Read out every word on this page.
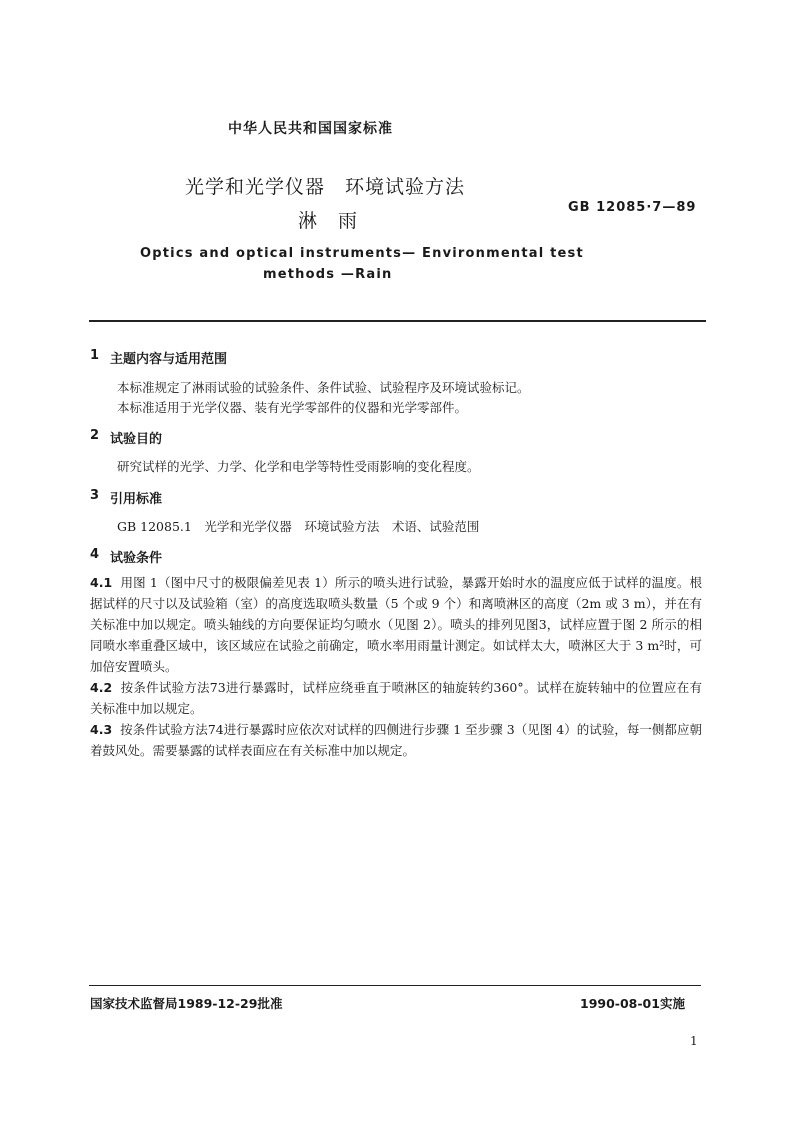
中华人民共和国国家标准
光学和光学仪器　环境试验方法
淋　雨
GB 12085·7—89
Optics and optical instruments— Environmental test
methods —Rain
1 主题内容与适用范围
本标准规定了淋雨试验的试验条件、条件试验、试验程序及环境试验标记。
本标准适用于光学仪器、装有光学零部件的仪器和光学零部件。
2 试验目的
研究试样的光学、力学、化学和电学等特性受雨影响的变化程度。
3 引用标准
GB 12085.1　光学和光学仪器　环境试验方法　术语、试验范围
4 试验条件
4.1 用图 1（图中尺寸的极限偏差见表 1）所示的喷头进行试验，暴露开始时水的温度应低于试样的温度。根据试样的尺寸以及试验箱（室）的高度选取喷头数量（5 个或 9 个）和离喷淋区的高度（2m 或 3 m），并在有关标准中加以规定。喷头轴线的方向要保证均匀喷水（见图 2）。喷头的排列见图3，试样应置于图 2 所示的相同喷水率重叠区域中，该区域应在试验之前确定，喷水率用雨量计测定。如试样太大，喷淋区大于 3 m²时，可加倍安置喷头。
4.2 按条件试验方法73进行暴露时，试样应绕垂直于喷淋区的轴旋转约360°。试样在旋转轴中的位置应在有关标准中加以规定。
4.3 按条件试验方法74进行暴露时应依次对试样的四侧进行步骤 1 至步骤 3（见图 4）的试验，每一侧都应朝着鼓风处。需要暴露的试样表面应在有关标准中加以规定。
国家技术监督局1989-12-29批准	1990-08-01实施
1
